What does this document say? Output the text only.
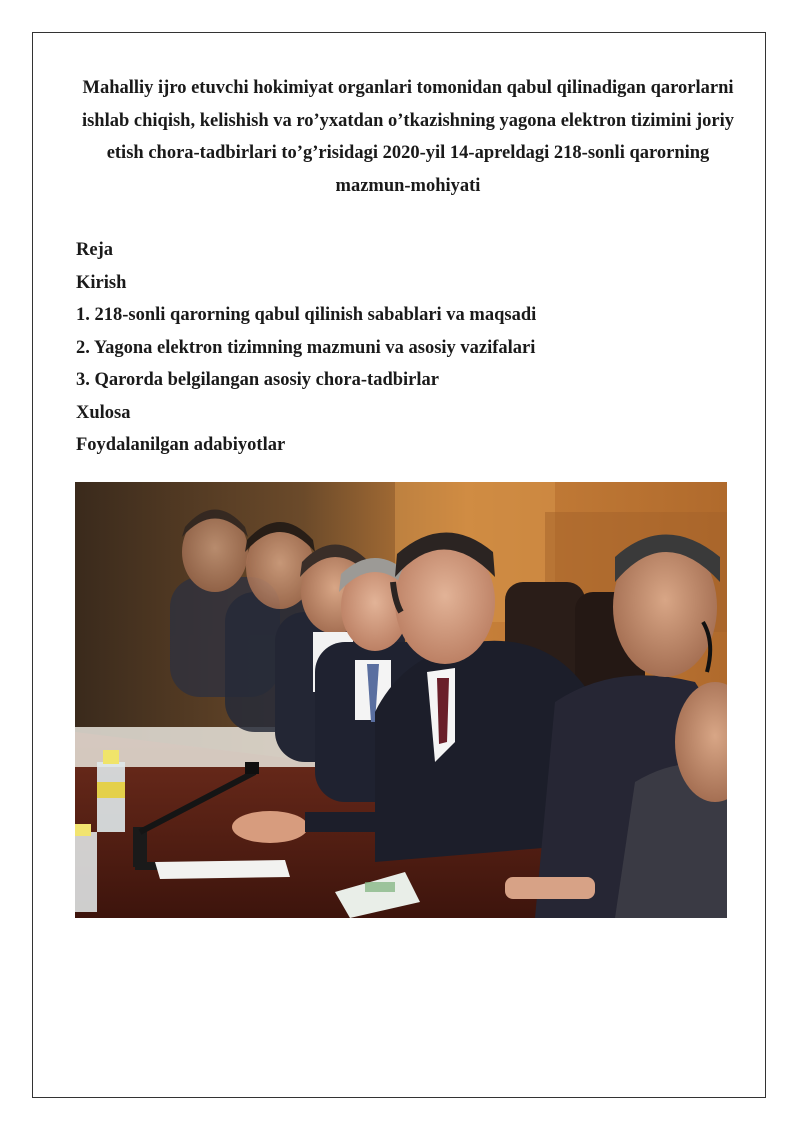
Mahalliy ijro etuvchi hokimiyat organlari tomonidan qabul qilinadigan qarorlarni ishlab chiqish, kelishish va ro’yxatdan o’tkazishning yagona elektron tizimini joriy etish chora-tadbirlari to’g’risidagi 2020-yil 14-apreldagi 218-sonli qarorning mazmun-mohiyati
Reja
Kirish
1. 218-sonli qarorning qabul qilinish sabablari va maqsadi
2. Yagona elektron tizimning mazmuni va asosiy vazifalari
3. Qarorda belgilangan asosiy chora-tadbirlar
Xulosa
Foydalanilgan adabiyotlar
